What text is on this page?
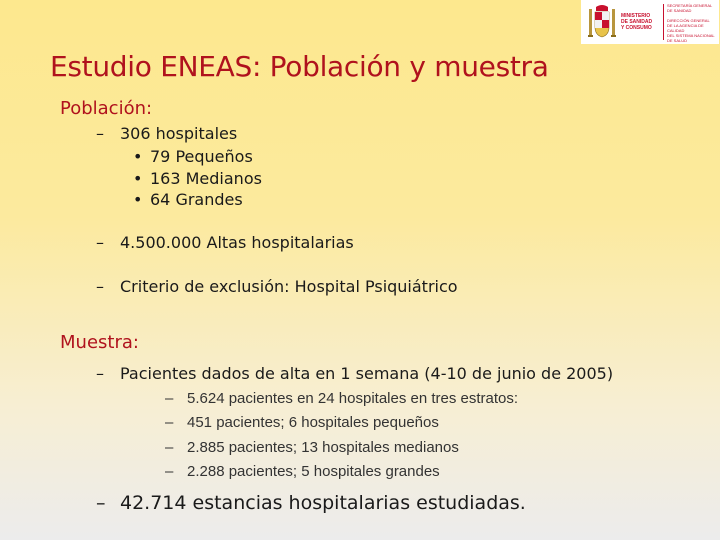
MINISTERIO
DE SANIDAD
Y CONSUMO
SECRETARÍA GENERAL
DE SANIDAD

DIRECCIÓN GENERAL
DE LA AGENCIA DE CALIDAD
DEL SISTEMA NACIONAL
DE SALUD
Estudio ENEAS: Población y muestra
Población:
– 306 hospitales
• 79 Pequeños
• 163 Medianos
• 64 Grandes
– 4.500.000 Altas hospitalarias
– Criterio de exclusión: Hospital Psiquiátrico
Muestra:
– Pacientes dados de alta en 1 semana (4-10 de junio de 2005)
– 5.624 pacientes en 24 hospitales en tres estratos:
– 451 pacientes; 6 hospitales pequeños
– 2.885 pacientes; 13 hospitales medianos
– 2.288 pacientes; 5 hospitales grandes
– 42.714 estancias hospitalarias estudiadas.
